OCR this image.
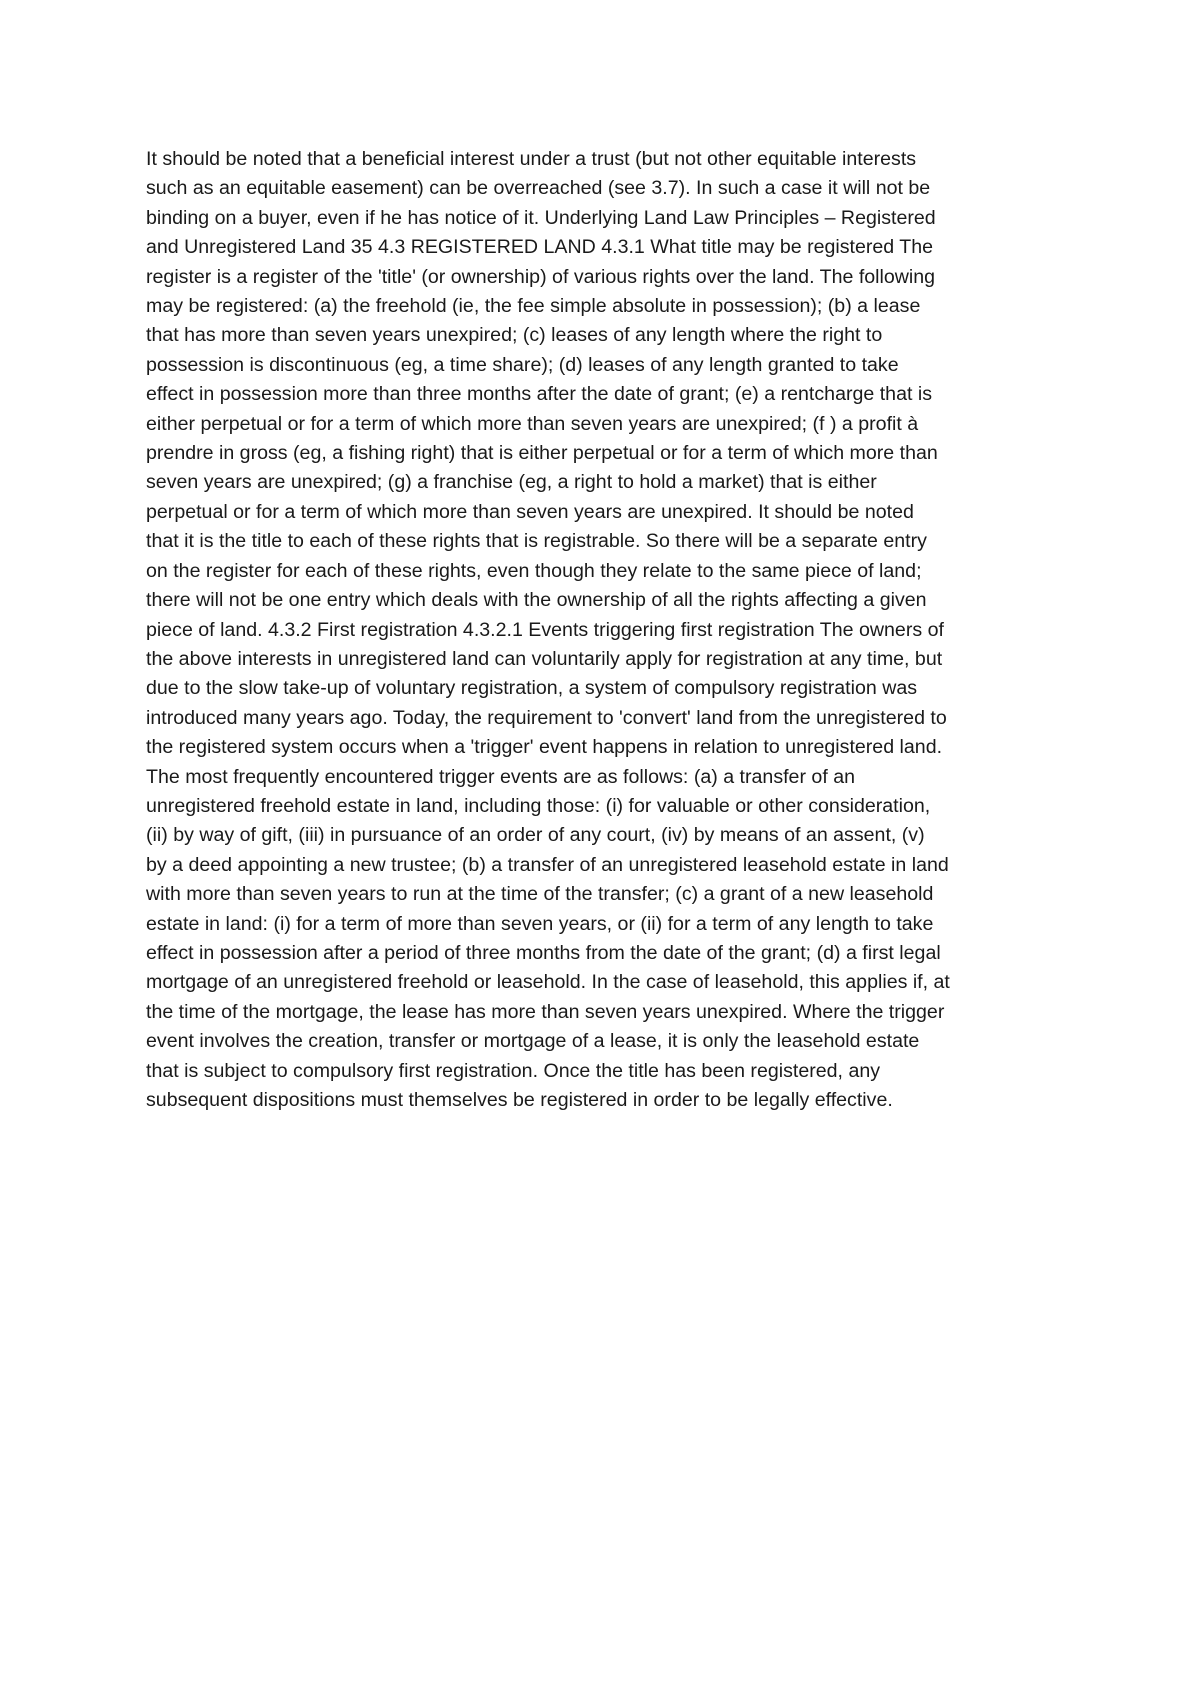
It should be noted that a beneficial interest under a trust (but not other equitable interests
such as an equitable easement) can be overreached (see 3.7). In such a case it will not be
binding on a buyer, even if he has notice of it. Underlying Land Law Principles – Registered
and Unregistered Land 35 4.3 REGISTERED LAND 4.3.1 What title may be registered The
register is a register of the 'title' (or ownership) of various rights over the land. The following
may be registered: (a) the freehold (ie, the fee simple absolute in possession); (b) a lease
that has more than seven years unexpired; (c) leases of any length where the right to
possession is discontinuous (eg, a time share); (d) leases of any length granted to take
effect in possession more than three months after the date of grant; (e) a rentcharge that is
either perpetual or for a term of which more than seven years are unexpired; (f ) a profit à
prendre in gross (eg, a fishing right) that is either perpetual or for a term of which more than
seven years are unexpired; (g) a franchise (eg, a right to hold a market) that is either
perpetual or for a term of which more than seven years are unexpired. It should be noted
that it is the title to each of these rights that is registrable. So there will be a separate entry
on the register for each of these rights, even though they relate to the same piece of land;
there will not be one entry which deals with the ownership of all the rights affecting a given
piece of land. 4.3.2 First registration 4.3.2.1 Events triggering first registration The owners of
the above interests in unregistered land can voluntarily apply for registration at any time, but
due to the slow take-up of voluntary registration, a system of compulsory registration was
introduced many years ago. Today, the requirement to 'convert' land from the unregistered to
the registered system occurs when a 'trigger' event happens in relation to unregistered land.
The most frequently encountered trigger events are as follows: (a) a transfer of an
unregistered freehold estate in land, including those: (i) for valuable or other consideration,
(ii) by way of gift, (iii) in pursuance of an order of any court, (iv) by means of an assent, (v)
by a deed appointing a new trustee; (b) a transfer of an unregistered leasehold estate in land
with more than seven years to run at the time of the transfer; (c) a grant of a new leasehold
estate in land: (i) for a term of more than seven years, or (ii) for a term of any length to take
effect in possession after a period of three months from the date of the grant; (d) a first legal
mortgage of an unregistered freehold or leasehold. In the case of leasehold, this applies if, at
the time of the mortgage, the lease has more than seven years unexpired. Where the trigger
event involves the creation, transfer or mortgage of a lease, it is only the leasehold estate
that is subject to compulsory first registration. Once the title has been registered, any
subsequent dispositions must themselves be registered in order to be legally effective.
